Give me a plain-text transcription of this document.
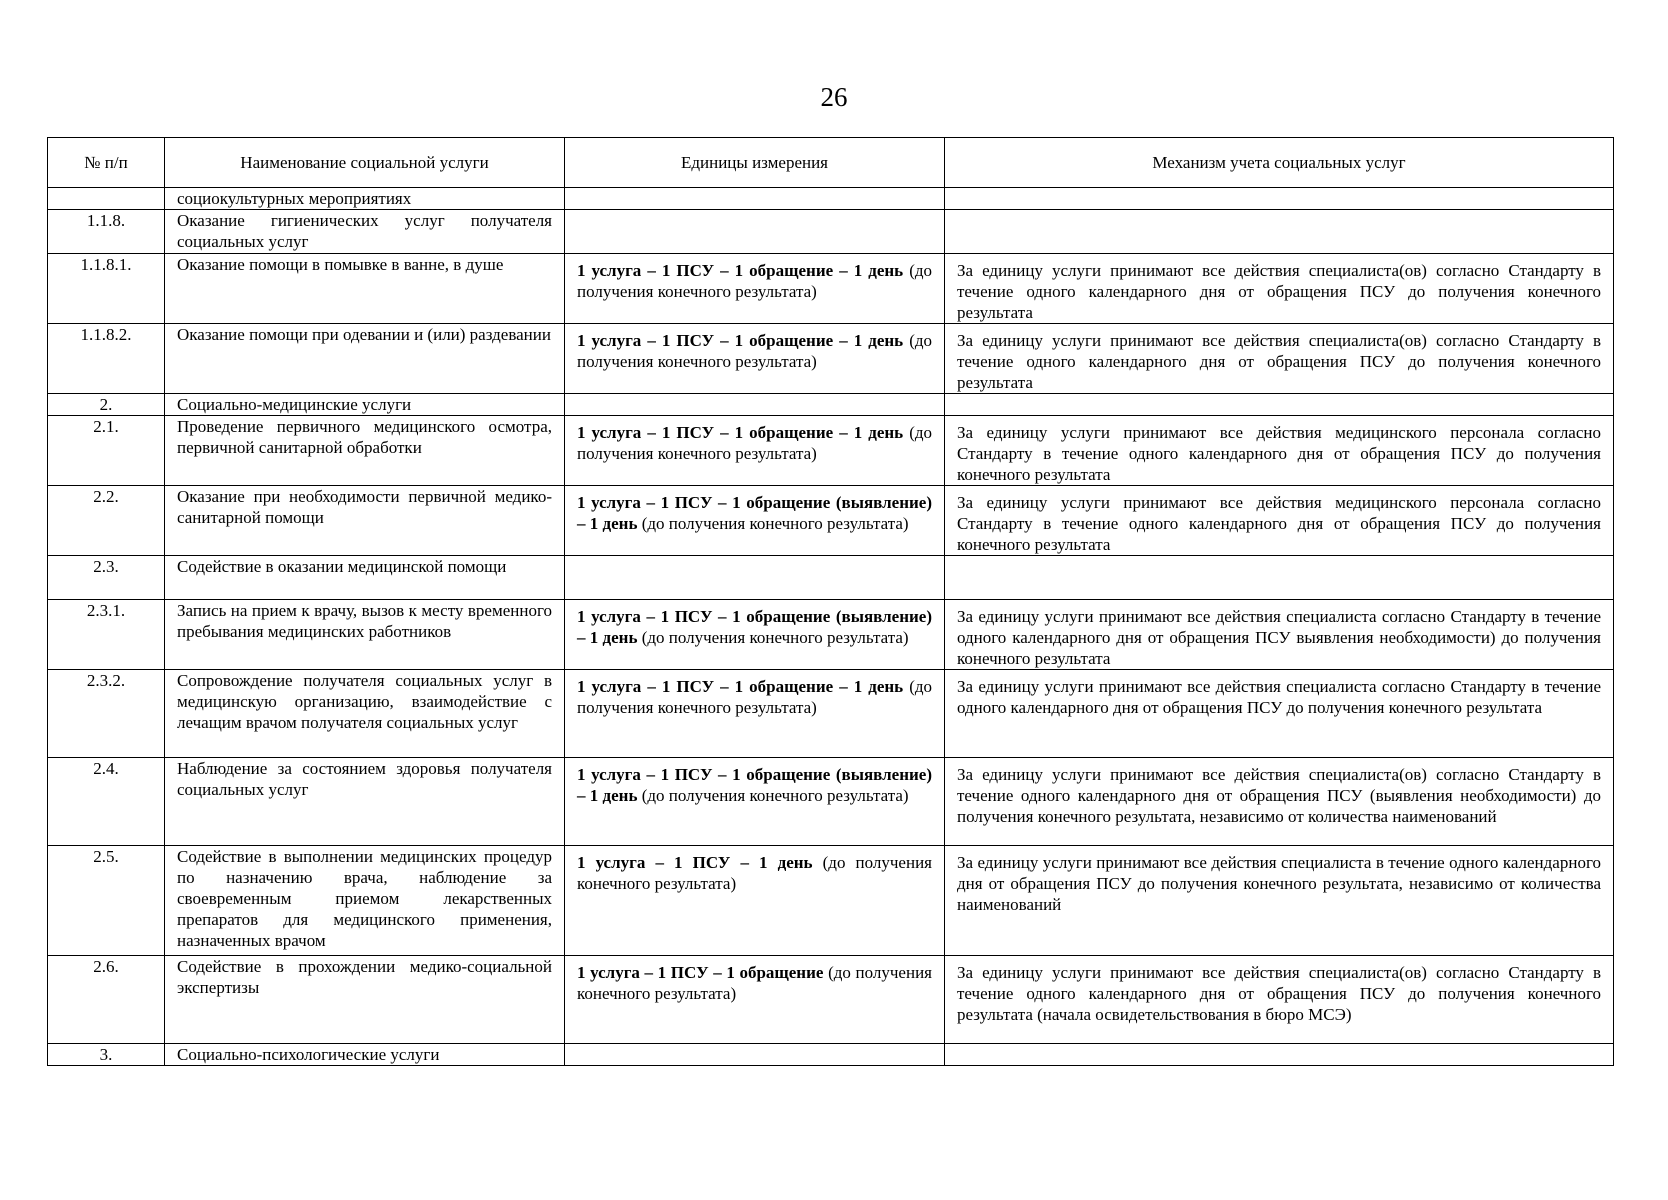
26
№ п/п	Наименование социальной услуги	Единицы измерения	Механизм учета социальных услуг
	социокультурных мероприятиях	

1.1.8.	Оказание гигиенических услуг получателя социальных услуг	

1.1.8.1.	Оказание помощи в помывке в ванне, в душе	1 услуга – 1 ПСУ – 1 обращение – 1 день (до получения конечного результата)	За единицу услуги принимают все действия специалиста(ов) согласно Стандарту в течение одного календарного дня от обращения ПСУ до получения конечного результата

1.1.8.2.	Оказание помощи при одевании и (или) раздевании	1 услуга – 1 ПСУ – 1 обращение – 1 день (до получения конечного результата)	За единицу услуги принимают все действия специалиста(ов) согласно Стандарту в течение одного календарного дня от обращения ПСУ до получения конечного результата

2.	Социально-медицинские услуги	

2.1.	Проведение первичного медицинского осмотра, первичной санитарной обработки	1 услуга – 1 ПСУ – 1 обращение – 1 день (до получения конечного результата)	За единицу услуги принимают все действия медицинского персонала согласно Стандарту в течение одного календарного дня от обращения ПСУ до получения конечного результата

2.2.	Оказание при необходимости первичной медико-санитарной помощи	1 услуга – 1 ПСУ – 1 обращение (выявление) – 1 день (до получения конечного результата)	За единицу услуги принимают все действия медицинского персонала согласно Стандарту в течение одного календарного дня от обращения ПСУ до получения конечного результата

2.3.	Содействие в оказании медицинской помощи	

2.3.1.	Запись на прием к врачу, вызов к месту временного пребывания медицинских работников	1 услуга – 1 ПСУ – 1 обращение (выявление) – 1 день (до получения конечного результата)	За единицу услуги принимают все действия специалиста согласно Стандарту в течение одного календарного дня от обращения ПСУ выявления необходимости) до получения конечного результата

2.3.2.	Сопровождение получателя социальных услуг в медицинскую организацию, взаимодействие с лечащим врачом получателя социальных услуг	1 услуга – 1 ПСУ – 1 обращение – 1 день (до получения конечного результата)	За единицу услуги принимают все действия специалиста согласно Стандарту в течение одного календарного дня от обращения ПСУ до получения конечного результата

2.4.	Наблюдение за состоянием здоровья получателя социальных услуг	1 услуга – 1 ПСУ – 1 обращение (выявление) – 1 день (до получения конечного результата)	За единицу услуги принимают все действия специалиста(ов) согласно Стандарту в течение одного календарного дня от обращения ПСУ (выявления необходимости) до получения конечного результата, независимо от количества наименований

2.5.	Содействие в выполнении медицинских процедур по назначению врача, наблюдение за своевременным приемом лекарственных препаратов для медицинского применения, назначенных врачом	1 услуга – 1 ПСУ – 1 день (до получения конечного результата)	За единицу услуги принимают все действия специалиста в течение одного календарного дня от обращения ПСУ до получения конечного результата, независимо от количества наименований

2.6.	Содействие в прохождении медико-социальной экспертизы	1 услуга – 1 ПСУ – 1 обращение (до получения конечного результата)	За единицу услуги принимают все действия специалиста(ов) согласно Стандарту в течение одного календарного дня от обращения ПСУ до получения конечного результата (начала освидетельствования в бюро МСЭ)

3.	Социально-психологические услуги	
